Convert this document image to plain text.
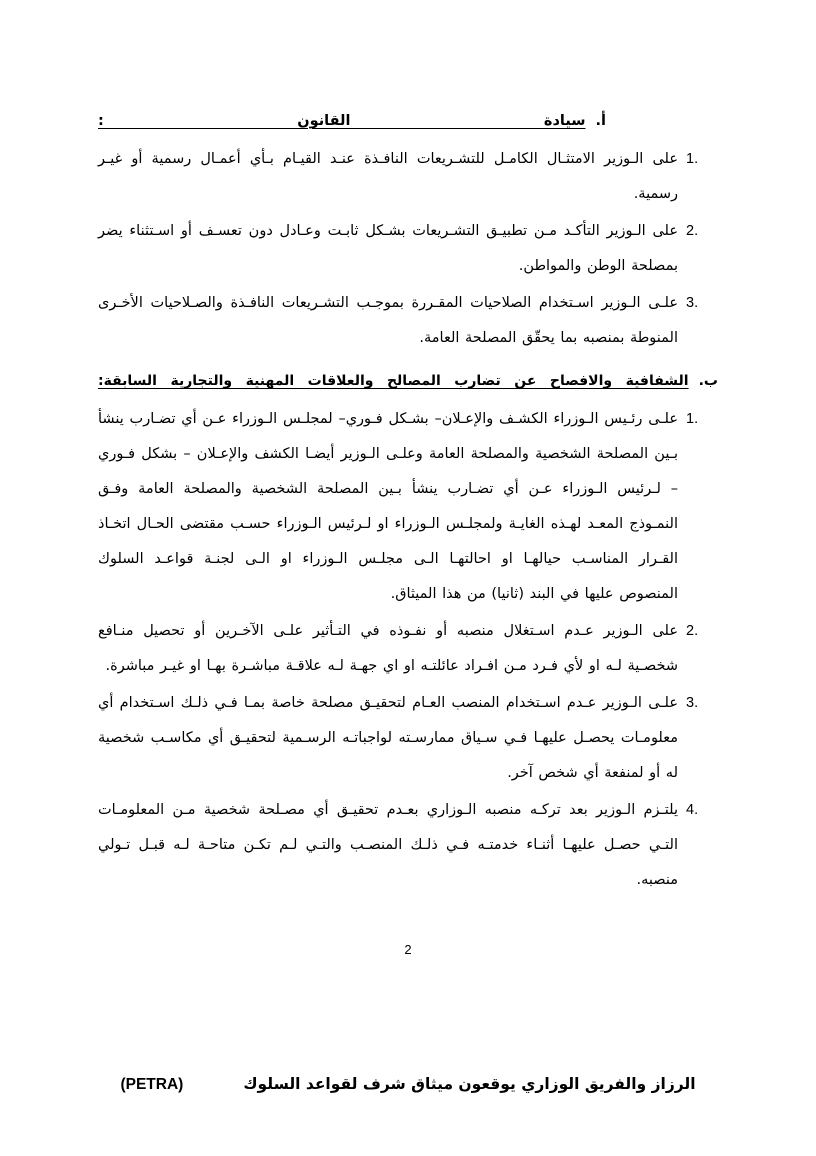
أ.سيادة القانون :
1.
على الـوزير الامتثـال الكامـل للتشـريعات النافـذة عنـد القيـام بـأي أعمـال رسمية أو غيـر رسمية.
2.
على الـوزير التأكـد مـن تطبيـق التشـريعات بشـكل ثابـت وعـادل دون تعسـف أو اسـتثناء يضر بمصلحة الوطن والمواطن.
3.
علـى الـوزير اسـتخدام الصلاحيات المقـررة بموجـب التشـريعات النافـذة والصـلاحيات الأخـرى المنوطة بمنصبه بما يحقّق المصلحة العامة.
ب.الشفافية والافصاح عن تضارب المصالح والعلاقات المهنية والتجارية السابقة:
1.
علـى رئـيس الـوزراء الكشـف والإعـلان– بشـكل فـوري– لمجلـس الـوزراء عـن أي تضـارب ينشأ بـين المصلحة الشخصية والمصلحة العامة وعلـى الـوزير أيضـا الكشف والإعـلان – بشكل فـوري – لـرئيس الـوزراء عـن أي تضـارب ينشأ بـين المصلحة الشخصية والمصلحة العامة وفـق النمـوذج المعـد لهـذه الغايـة ولمجلـس الـوزراء او لـرئيس الـوزراء حسـب مقتضى الحـال اتخـاذ القـرار المناسـب حيالهـا او احالتهـا الـى مجلـس الـوزراء او الـى لجنـة قواعـد السلوك المنصوص عليها في البند (ثانيا) من هذا الميثاق.
2.
على الـوزير عـدم اسـتغلال منصبه أو نفـوذه في التـأثير علـى الآخـرين أو تحصيل منـافع شخصـية لـه او لأي فـرد مـن افـراد عائلتـه او اي جهـة لـه علاقـة مباشـرة بهـا او غيـر مباشرة.
3.
علـى الـوزير عـدم اسـتخدام المنصب العـام لتحقيـق مصلحة خاصة بمـا فـي ذلـك اسـتخدام أي معلومـات يحصـل عليهـا فـي سـياق ممارسـته لواجباتـه الرسـمية لتحقيـق أي مكاسـب شخصية له أو لمنفعة أي شخص آخر.
4.
يلتـزم الـوزير بعد تركـه منصبه الـوزاري بعـدم تحقيـق أي مصـلحة شخصية مـن المعلومـات التـي حصـل عليهـا أثنـاء خدمتـه فـي ذلـك المنصـب والتـي لـم تكـن متاحـة لـه قبـل تـولي منصبه.
2
الرزاز والفريق الوزاري يوقعون ميثاق شرف لقواعد السلوك(PETRA)
